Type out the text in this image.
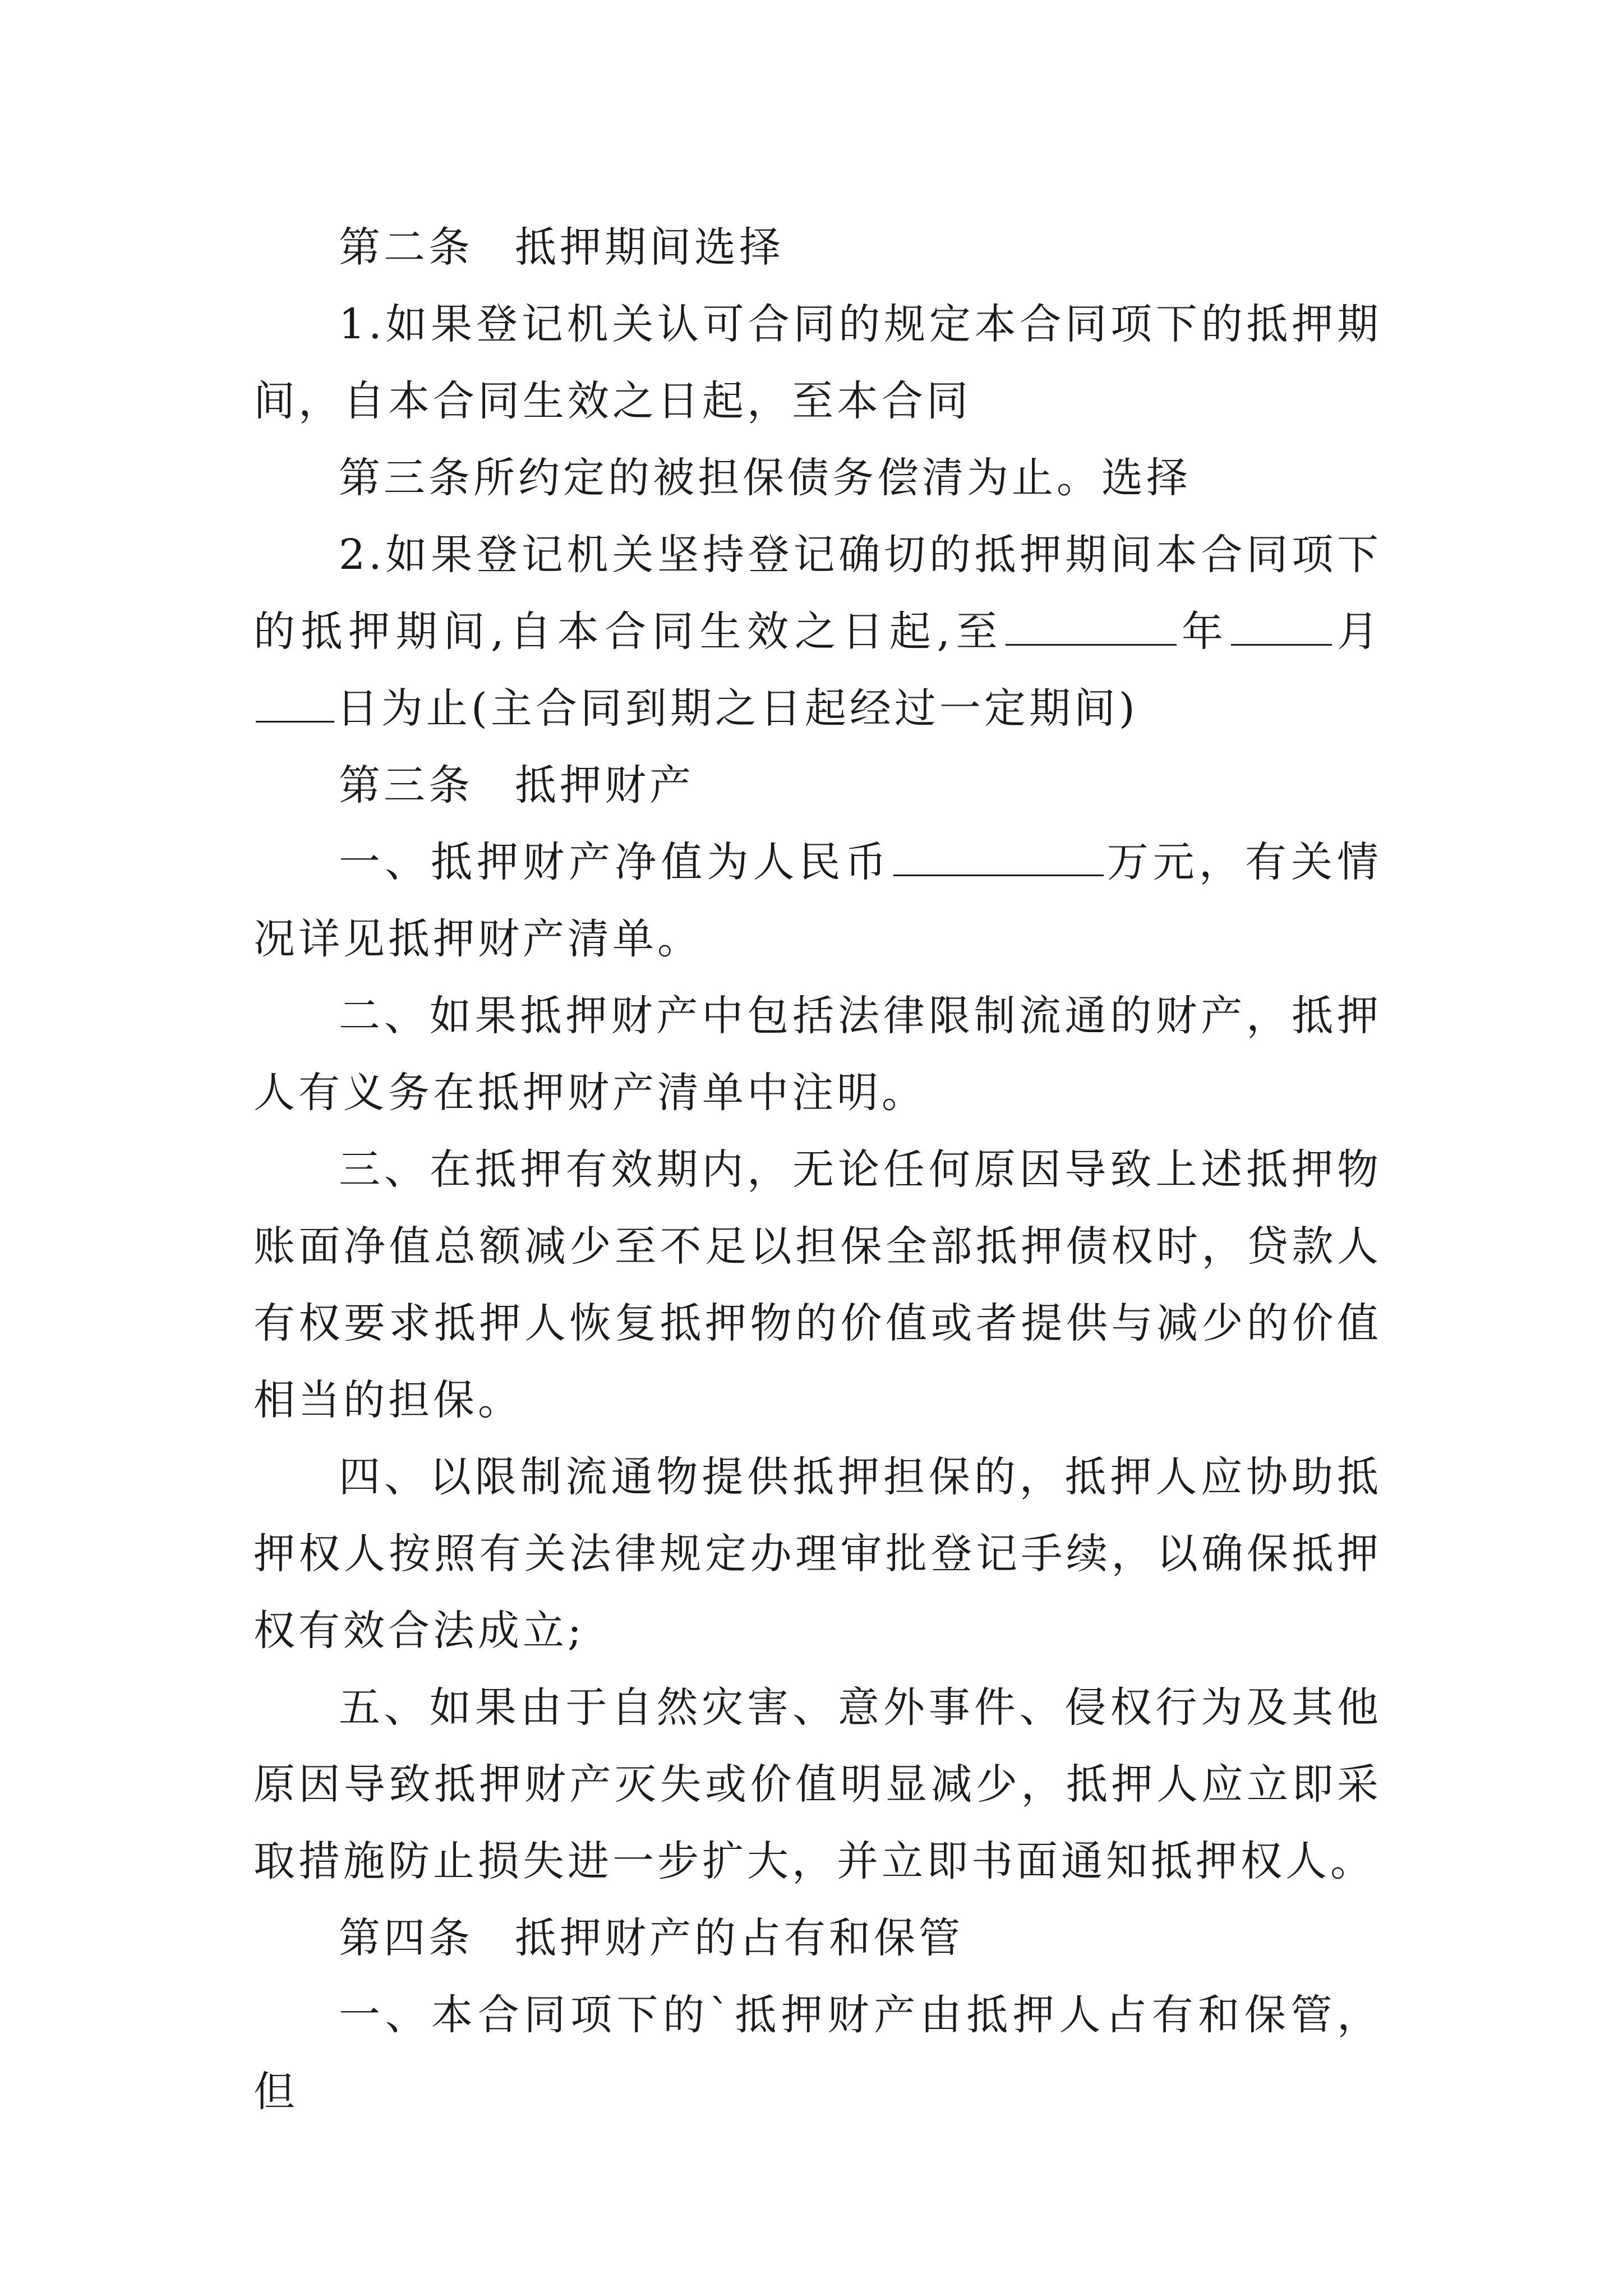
第二条 抵押期间选择

1.如果登记机关认可合同的规定本合同项下的抵押期间，自本合同生效之日起，至本合同

第三条所约定的被担保债务偿清为止。选择

2.如果登记机关坚持登记确切的抵押期间本合同项下的抵押期间,自本合同生效之日起,至	年	月日为止(主合同到期之日起经过一定期间)

第三条 抵押财产

一、抵押财产净值为人民币	万元，有关情况详见抵押财产清单。

二、如果抵押财产中包括法律限制流通的财产，抵押人有义务在抵押财产清单中注明。

三、在抵押有效期内，无论任何原因导致上述抵押物账面净值总额减少至不足以担保全部抵押债权时，贷款人有权要求抵押人恢复抵押物的价值或者提供与减少的价值相当的担保。

四、以限制流通物提供抵押担保的，抵押人应协助抵押权人按照有关法律规定办理审批登记手续，以确保抵押权有效合法成立;

五、如果由于自然灾害、意外事件、侵权行为及其他原因导致抵押财产灭失或价值明显减少，抵押人应立即采取措施防止损失进一步扩大，并立即书面通知抵押权人。

第四条 抵押财产的占有和保管

一、本合同项下的`抵押财产由抵押人占有和保管，但
